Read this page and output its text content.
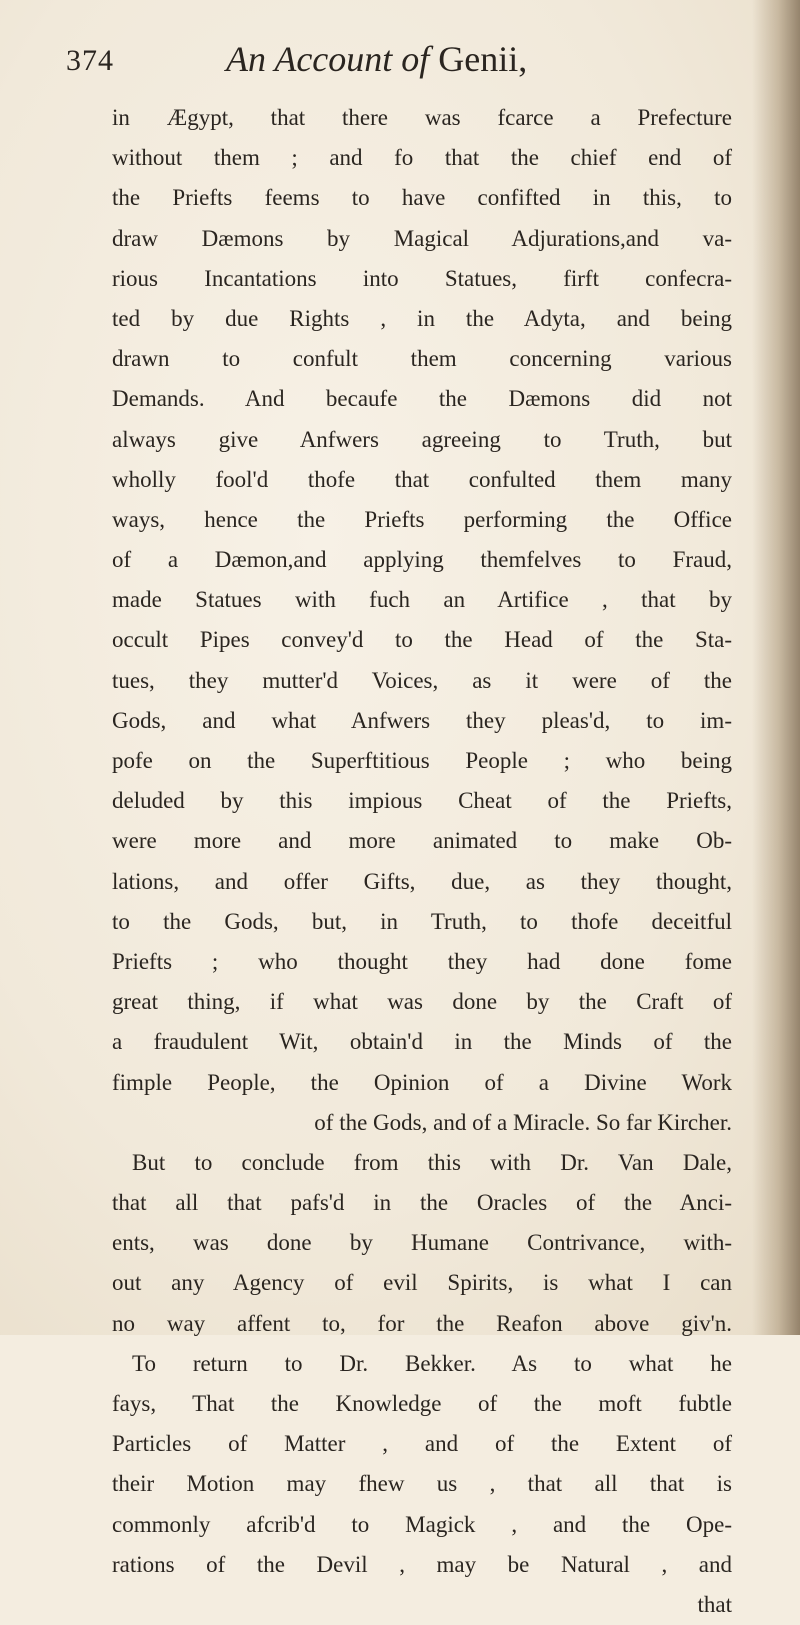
374	An Account of Genii,
in Ægypt, that there was fcarce a Prefecture
without them ; and fo that the chief end of
the Priefts feems to have confifted in this, to
draw Dæmons by Magical Adjurations,and va-
rious Incantations into Statues, firft confecra-
ted by due Rights , in the Adyta, and being
drawn to confult them concerning various
Demands. And becaufe the Dæmons did not
always give Anfwers agreeing to Truth, but
wholly fool'd thofe that confulted them many
ways, hence the Priefts performing the Office
of a Dæmon,and applying themfelves to Fraud,
made Statues with fuch an Artifice , that by
occult Pipes convey'd to the Head of the Sta-
tues, they mutter'd Voices, as it were of the
Gods, and what Anfwers they pleas'd, to im-
pofe on the Superftitious People ; who being
deluded by this impious Cheat of the Priefts,
were more and more animated to make Ob-
lations, and offer Gifts, due, as they thought,
to the Gods, but, in Truth, to thofe deceitful
Priefts ; who thought they had done fome
great thing, if what was done by the Craft of
a fraudulent Wit, obtain'd in the Minds of the
fimple People, the Opinion of a Divine Work
of the Gods, and of a Miracle. So far Kircher.
But to conclude from this with Dr. Van Dale,
that all that pafs'd in the Oracles of the Anci-
ents, was done by Humane Contrivance, with-
out any Agency of evil Spirits, is what I can
no way affent to, for the Reafon above giv'n.
To return to Dr. Bekker. As to what he
fays, That the Knowledge of the moft fubtle
Particles of Matter , and of the Extent of
their Motion may fhew us , that all that is
commonly afcrib'd to Magick , and the Ope-
rations of the Devil , may be Natural , and
that
